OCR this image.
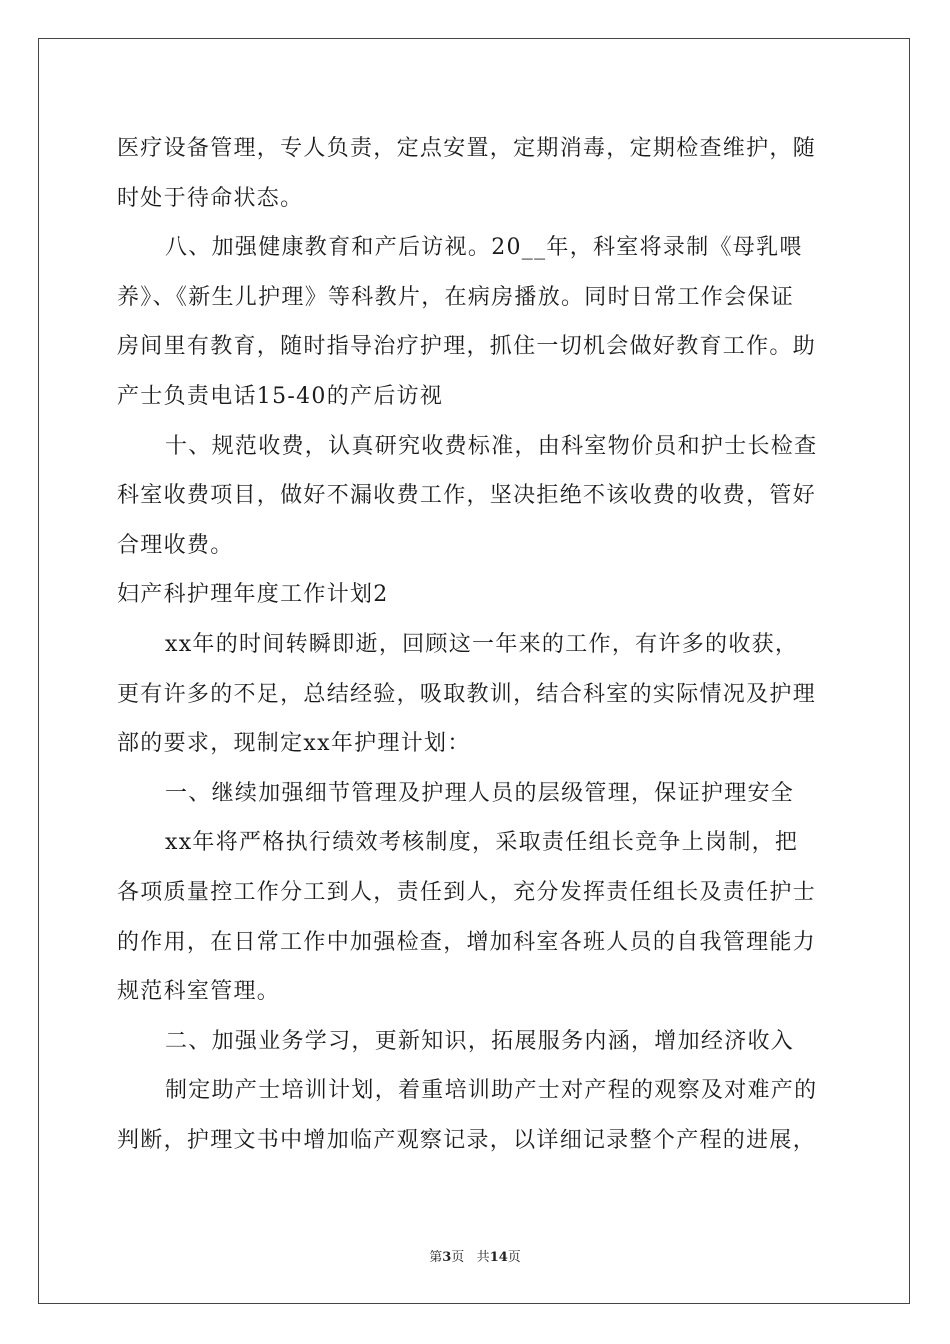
医疗设备管理，专人负责，定点安置，定期消毒，定期检查维护，随
时处于待命状态。
八、加强健康教育和产后访视。20__年，科室将录制《母乳喂
养》、《新生儿护理》等科教片，在病房播放。同时日常工作会保证
房间里有教育，随时指导治疗护理，抓住一切机会做好教育工作。助
产士负责电话15-40的产后访视
十、规范收费，认真研究收费标准，由科室物价员和护士长检查
科室收费项目，做好不漏收费工作，坚决拒绝不该收费的收费，管好
合理收费。
妇产科护理年度工作计划2
xx年的时间转瞬即逝，回顾这一年来的工作，有许多的收获，
更有许多的不足，总结经验，吸取教训，结合科室的实际情况及护理
部的要求，现制定xx年护理计划：
一、继续加强细节管理及护理人员的层级管理，保证护理安全
xx年将严格执行绩效考核制度，采取责任组长竞争上岗制，把
各项质量控工作分工到人，责任到人，充分发挥责任组长及责任护士
的作用，在日常工作中加强检查，增加科室各班人员的自我管理能力
规范科室管理。
二、加强业务学习，更新知识，拓展服务内涵，增加经济收入
制定助产士培训计划，着重培训助产士对产程的观察及对难产的
判断，护理文书中增加临产观察记录，以详细记录整个产程的进展，
第3页 共14页
